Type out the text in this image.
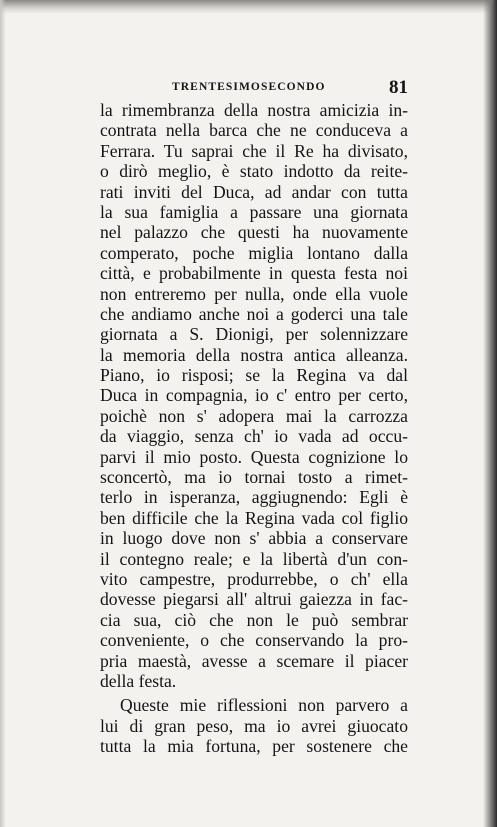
TRENTESIMOSECONDO	81
la rimembranza della nostra amicizia in-
contrata nella barca che ne conduceva a
Ferrara. Tu saprai che il Re ha divisato,
o dirò meglio, è stato indotto da reite-
rati inviti del Duca, ad andar con tutta
la sua famiglia a passare una giornata
nel palazzo che questi ha nuovamente
comperato, poche miglia lontano dalla
città, e probabilmente in questa festa noi
non entreremo per nulla, onde ella vuole
che andiamo anche noi a goderci una tale
giornata a S. Dionigi, per solennizzare
la memoria della nostra antica alleanza.
Piano, io risposi; se la Regina va dal
Duca in compagnia, io c' entro per certo,
poichè non s' adopera mai la carrozza
da viaggio, senza ch' io vada ad occu-
parvi il mio posto. Questa cognizione lo
sconcertò, ma io tornai tosto a rimet-
terlo in isperanza, aggiugnendo: Egli è
ben difficile che la Regina vada col figlio
in luogo dove non s' abbia a conservare
il contegno reale; e la libertà d'un con-
vito campestre, produrrebbe, o ch' ella
dovesse piegarsi all' altrui gaiezza in fac-
cia sua, ciò che non le può sembrar
conveniente, o che conservando la pro-
pria maestà, avesse a scemare il piacer
della festa.
Queste mie riflessioni non parvero a
lui di gran peso, ma io avrei giuocato
tutta la mia fortuna, per sostenere che
